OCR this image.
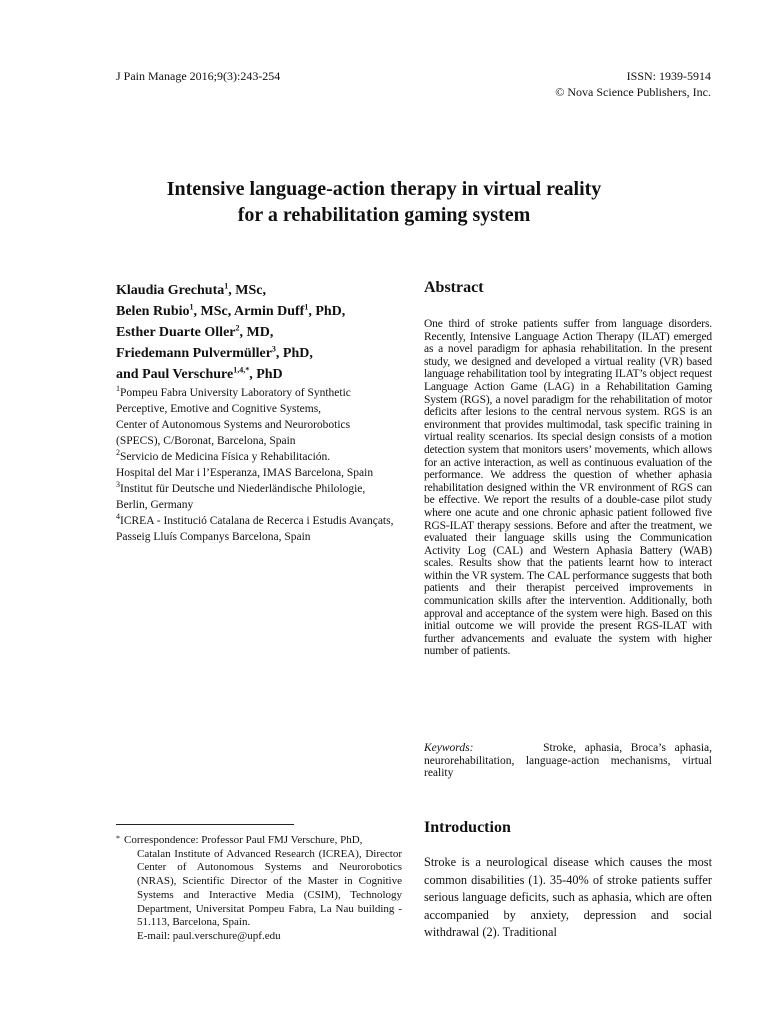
J Pain Manage 2016;9(3):243-254	ISSN: 1939-5914
© Nova Science Publishers, Inc.
Intensive language-action therapy in virtual reality
for a rehabilitation gaming system
Klaudia Grechuta$^1$, MSc,
Belen Rubio$^1$, MSc, Armin Duff$^1$, PhD,
Esther Duarte Oller$^2$, MD,
Friedemann Pulvermüller$^3$, PhD,
and Paul Verschure$^{1,4,*}$, PhD

$^1$Pompeu Fabra University Laboratory of Synthetic Perceptive, Emotive and Cognitive Systems,

Center of Autonomous Systems and Neurorobotics (SPECS), C/Boronat, Barcelona, Spain

$^2$Servicio de Medicina Física y Rehabilitación.

Hospital del Mar i l’Esperanza, IMAS Barcelona, Spain

$^3$Institut für Deutsche und Niederländische Philologie, Berlin, Germany

$^4$ICREA - Institució Catalana de Recerca i Estudis Avançats, Passeig Lluís Companys Barcelona, Spain

Abstract
One third of stroke patients suffer from language disorders. Recently, Intensive Language Action Therapy (ILAT) emerged as a novel paradigm for aphasia rehabilitation. In the present study, we designed and developed a virtual reality (VR) based language rehabilitation tool by integrating ILAT’s object request Language Action Game (LAG) in a Rehabilitation Gaming System (RGS), a novel paradigm for the rehabilitation of motor deficits after lesions to the central nervous system. RGS is an environment that provides multimodal, task specific training in virtual reality scenarios. Its special design consists of a motion detection system that monitors users’ movements, which allows for an active interaction, as well as continuous evaluation of the performance. We address the question of whether aphasia rehabilitation designed within the VR environment of RGS can be effective. We report the results of a double-case pilot study where one acute and one chronic aphasic patient followed five RGS-ILAT therapy sessions. Before and after the treatment, we evaluated their language skills using the Communication Activity Log (CAL) and Western Aphasia Battery (WAB) scales. Results show that the patients learnt how to interact within the VR system. The CAL performance suggests that both patients and their therapist perceived improvements in communication skills after the intervention. Additionally, both approval and acceptance of the system were high. Based on this initial outcome we will provide the present RGS-ILAT with further advancements and evaluate the system with higher number of patients.
Keywords:	Stroke, aphasia, Broca’s aphasia, neurorehabilitation, language-action mechanisms, virtual reality
Introduction
Stroke is a neurological disease which causes the most common disabilities (1). 35-40% of stroke patients suffer serious language deficits, such as aphasia, which are often accompanied by anxiety, depression and social withdrawal (2). Traditional
* Correspondence: Professor Paul FMJ Verschure, PhD,
Catalan Institute of Advanced Research (ICREA), Director Center of Autonomous Systems and Neurorobotics (NRAS), Scientific Director of the Master in Cognitive Systems and Interactive Media (CSIM), Technology Department, Universitat Pompeu Fabra, La Nau building - 51.113, Barcelona, Spain.
E-mail: paul.verschure@upf.edu
